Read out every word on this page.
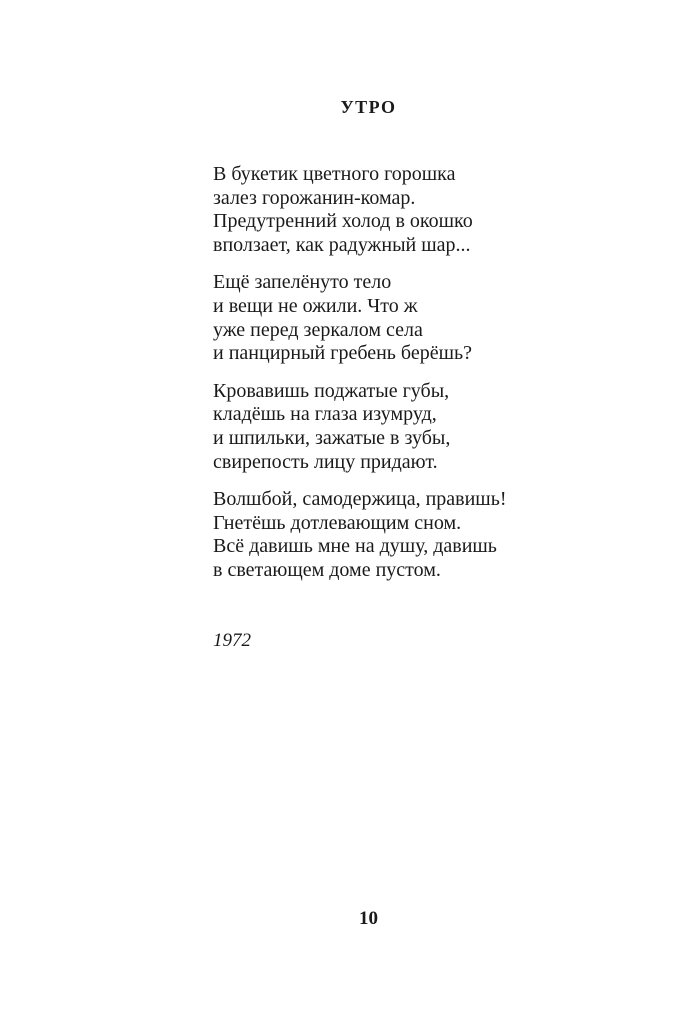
УТРО
В букетик цветного горошка
залез горожанин-комар.
Предутренний холод в окошко
вползает, как радужный шар...
Ещё запелёнуто тело
и вещи не ожили. Что ж
уже перед зеркалом села
и панцирный гребень берёшь?
Кровавишь поджатые губы,
кладёшь на глаза изумруд,
и шпильки, зажатые в зубы,
свирепость лицу придают.
Волшбой, самодержица, правишь!
Гнетёшь дотлевающим сном.
Всё давишь мне на душу, давишь
в светающем доме пустом.
1972
10
